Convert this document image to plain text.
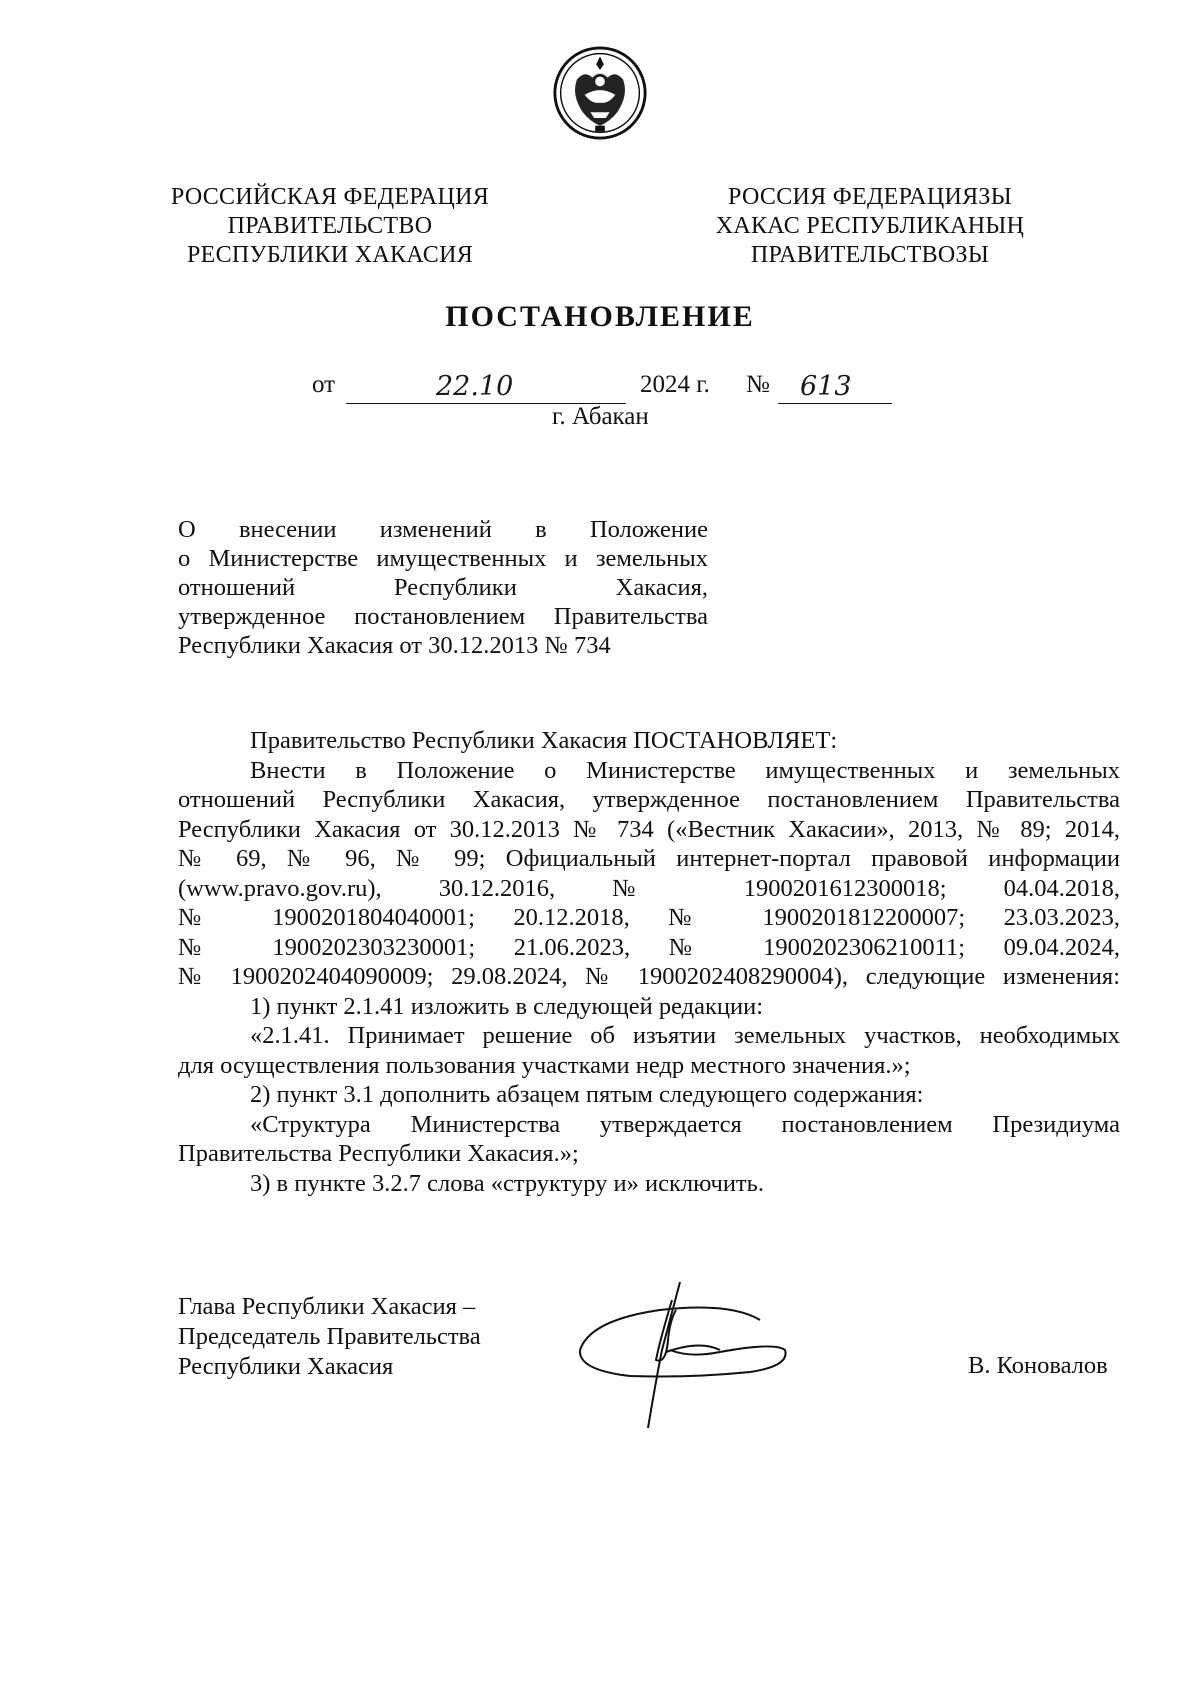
РОССИЙСКАЯ ФЕДЕРАЦИЯ
ПРАВИТЕЛЬСТВО
РЕСПУБЛИКИ ХАКАСИЯ
РОССИЯ ФЕДЕРАЦИЯЗЫ
ХАКАС РЕСПУБЛИКАНЫҢ
ПРАВИТЕЛЬСТВОЗЫ
ПОСТАНОВЛЕНИЕ
от	22.10	2024 г. № 613
г. Абакан
О внесении изменений в Положение
о Министерстве имущественных и земельных
отношений Республики Хакасия,
утвержденное постановлением Правительства
Республики Хакасия от 30.12.2013 № 734

Правительство Республики Хакасия ПОСТАНОВЛЯЕТ:

Внести в Положение о Министерстве имущественных и земельных

отношений Республики Хакасия, утвержденное постановлением Правительства

Республики Хакасия от 30.12.2013 № 734 («Вестник Хакасии», 2013, № 89; 2014,

№ 69, № 96, № 99; Официальный интернет-портал правовой информации

(www.pravo.gov.ru), 30.12.2016, № 1900201612300018; 04.04.2018,

№ 1900201804040001; 20.12.2018, № 1900201812200007; 23.03.2023,

№ 1900202303230001; 21.06.2023, № 1900202306210011; 09.04.2024,

№ 1900202404090009; 29.08.2024, № 1900202408290004), следующие изменения:

1) пункт 2.1.41 изложить в следующей редакции:

«2.1.41. Принимает решение об изъятии земельных участков, необходимых

для осуществления пользования участками недр местного значения.»;

2) пункт 3.1 дополнить абзацем пятым следующего содержания:

«Структура Министерства утверждается постановлением Президиума

Правительства Республики Хакасия.»;

3) в пункте 3.2.7 слова «структуру и» исключить.

Глава Республики Хакасия –
Председатель Правительства
Республики Хакасия	В. Коновалов
